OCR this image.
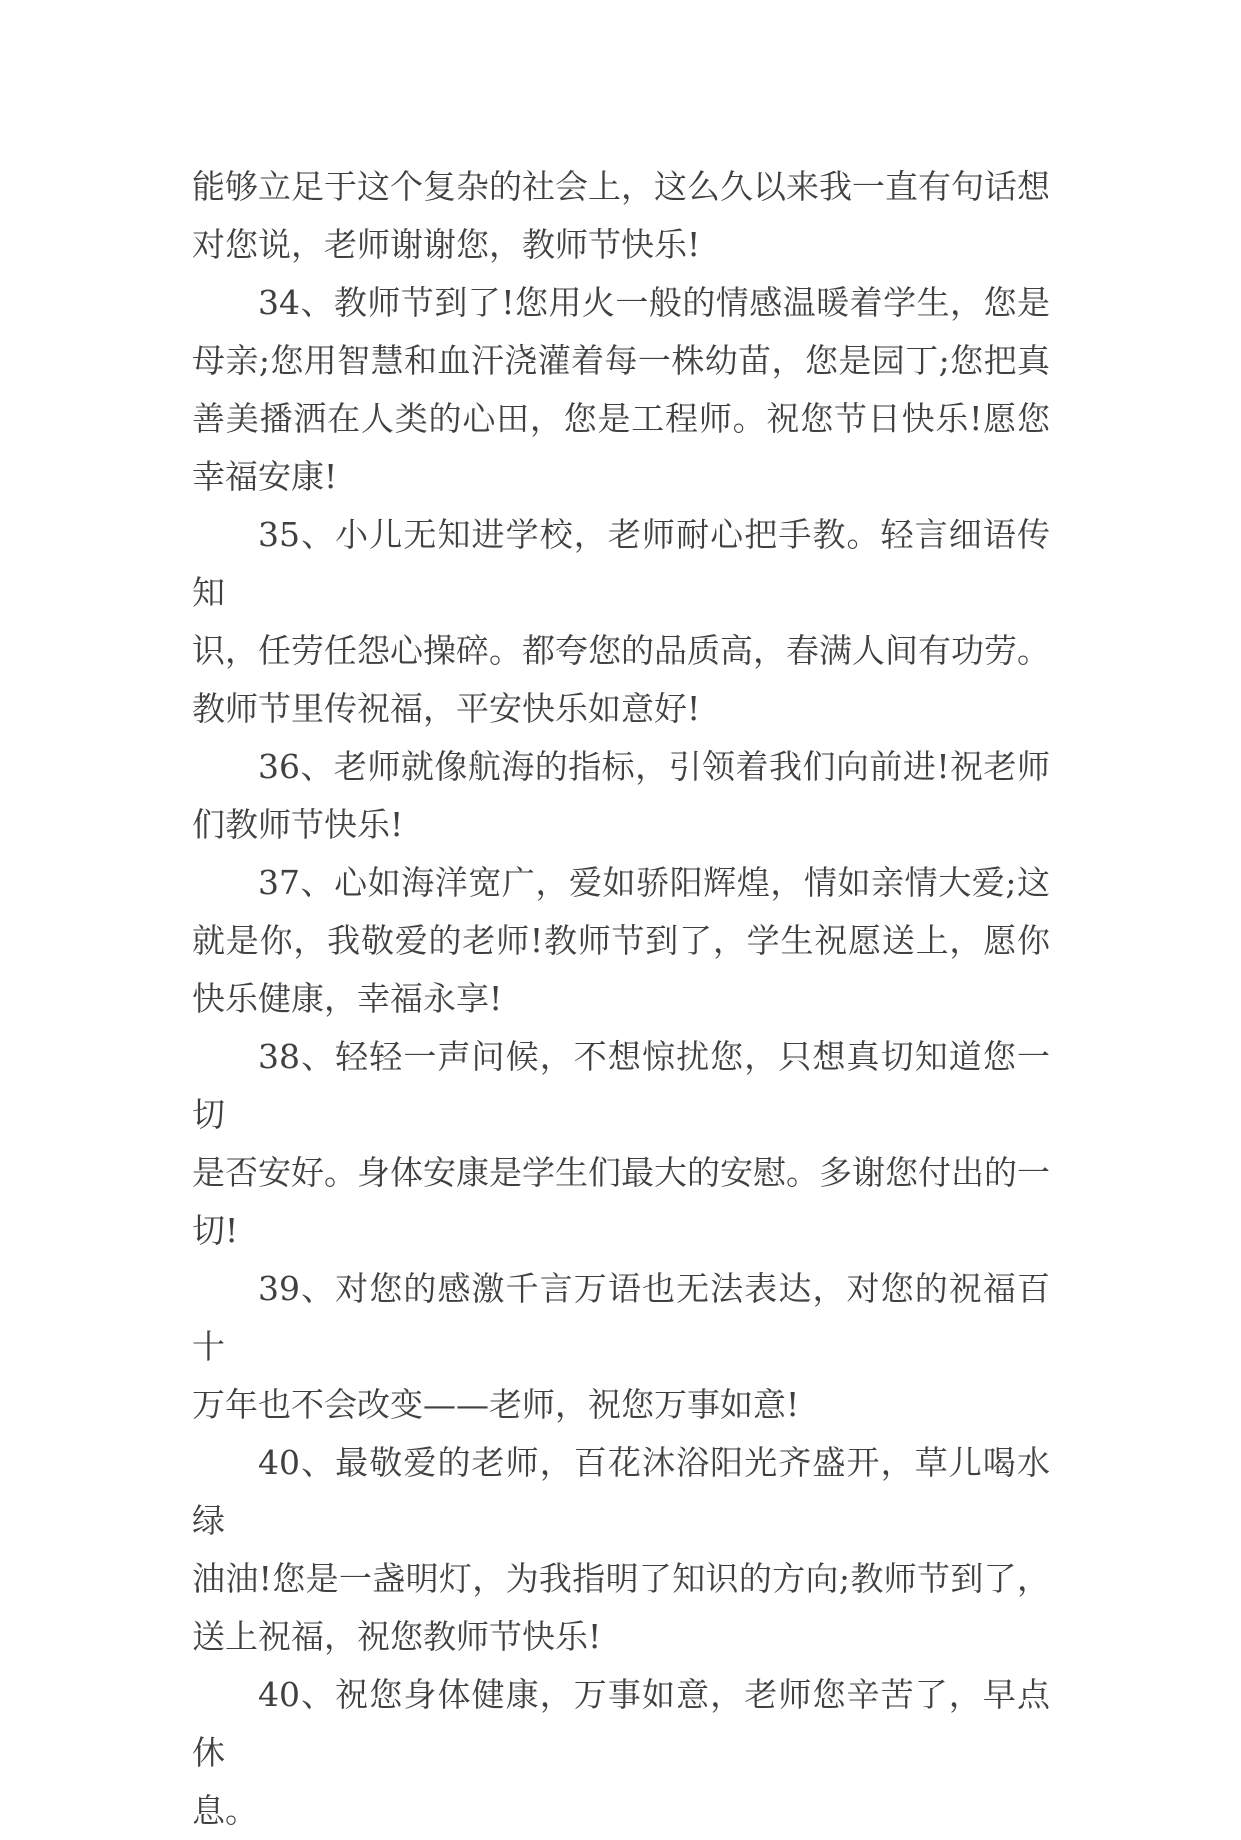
能够立足于这个复杂的社会上，这么久以来我一直有句话想
对您说，老师谢谢您，教师节快乐!
34、教师节到了!您用火一般的情感温暖着学生，您是
母亲;您用智慧和血汗浇灌着每一株幼苗，您是园丁;您把真
善美播洒在人类的心田，您是工程师。祝您节日快乐!愿您
幸福安康!
35、小儿无知进学校，老师耐心把手教。轻言细语传知
识，任劳任怨心操碎。都夸您的品质高，春满人间有功劳。
教师节里传祝福，平安快乐如意好!
36、老师就像航海的指标，引领着我们向前进!祝老师
们教师节快乐!
37、心如海洋宽广，爱如骄阳辉煌，情如亲情大爱;这
就是你，我敬爱的老师!教师节到了，学生祝愿送上，愿你
快乐健康，幸福永享!
38、轻轻一声问候，不想惊扰您，只想真切知道您一切
是否安好。身体安康是学生们最大的安慰。多谢您付出的一
切!
39、对您的感激千言万语也无法表达，对您的祝福百十
万年也不会改变——老师，祝您万事如意!
40、最敬爱的老师，百花沐浴阳光齐盛开，草儿喝水绿
油油!您是一盏明灯，为我指明了知识的方向;教师节到了，
送上祝福，祝您教师节快乐!
40、祝您身体健康，万事如意，老师您辛苦了，早点休
息。
